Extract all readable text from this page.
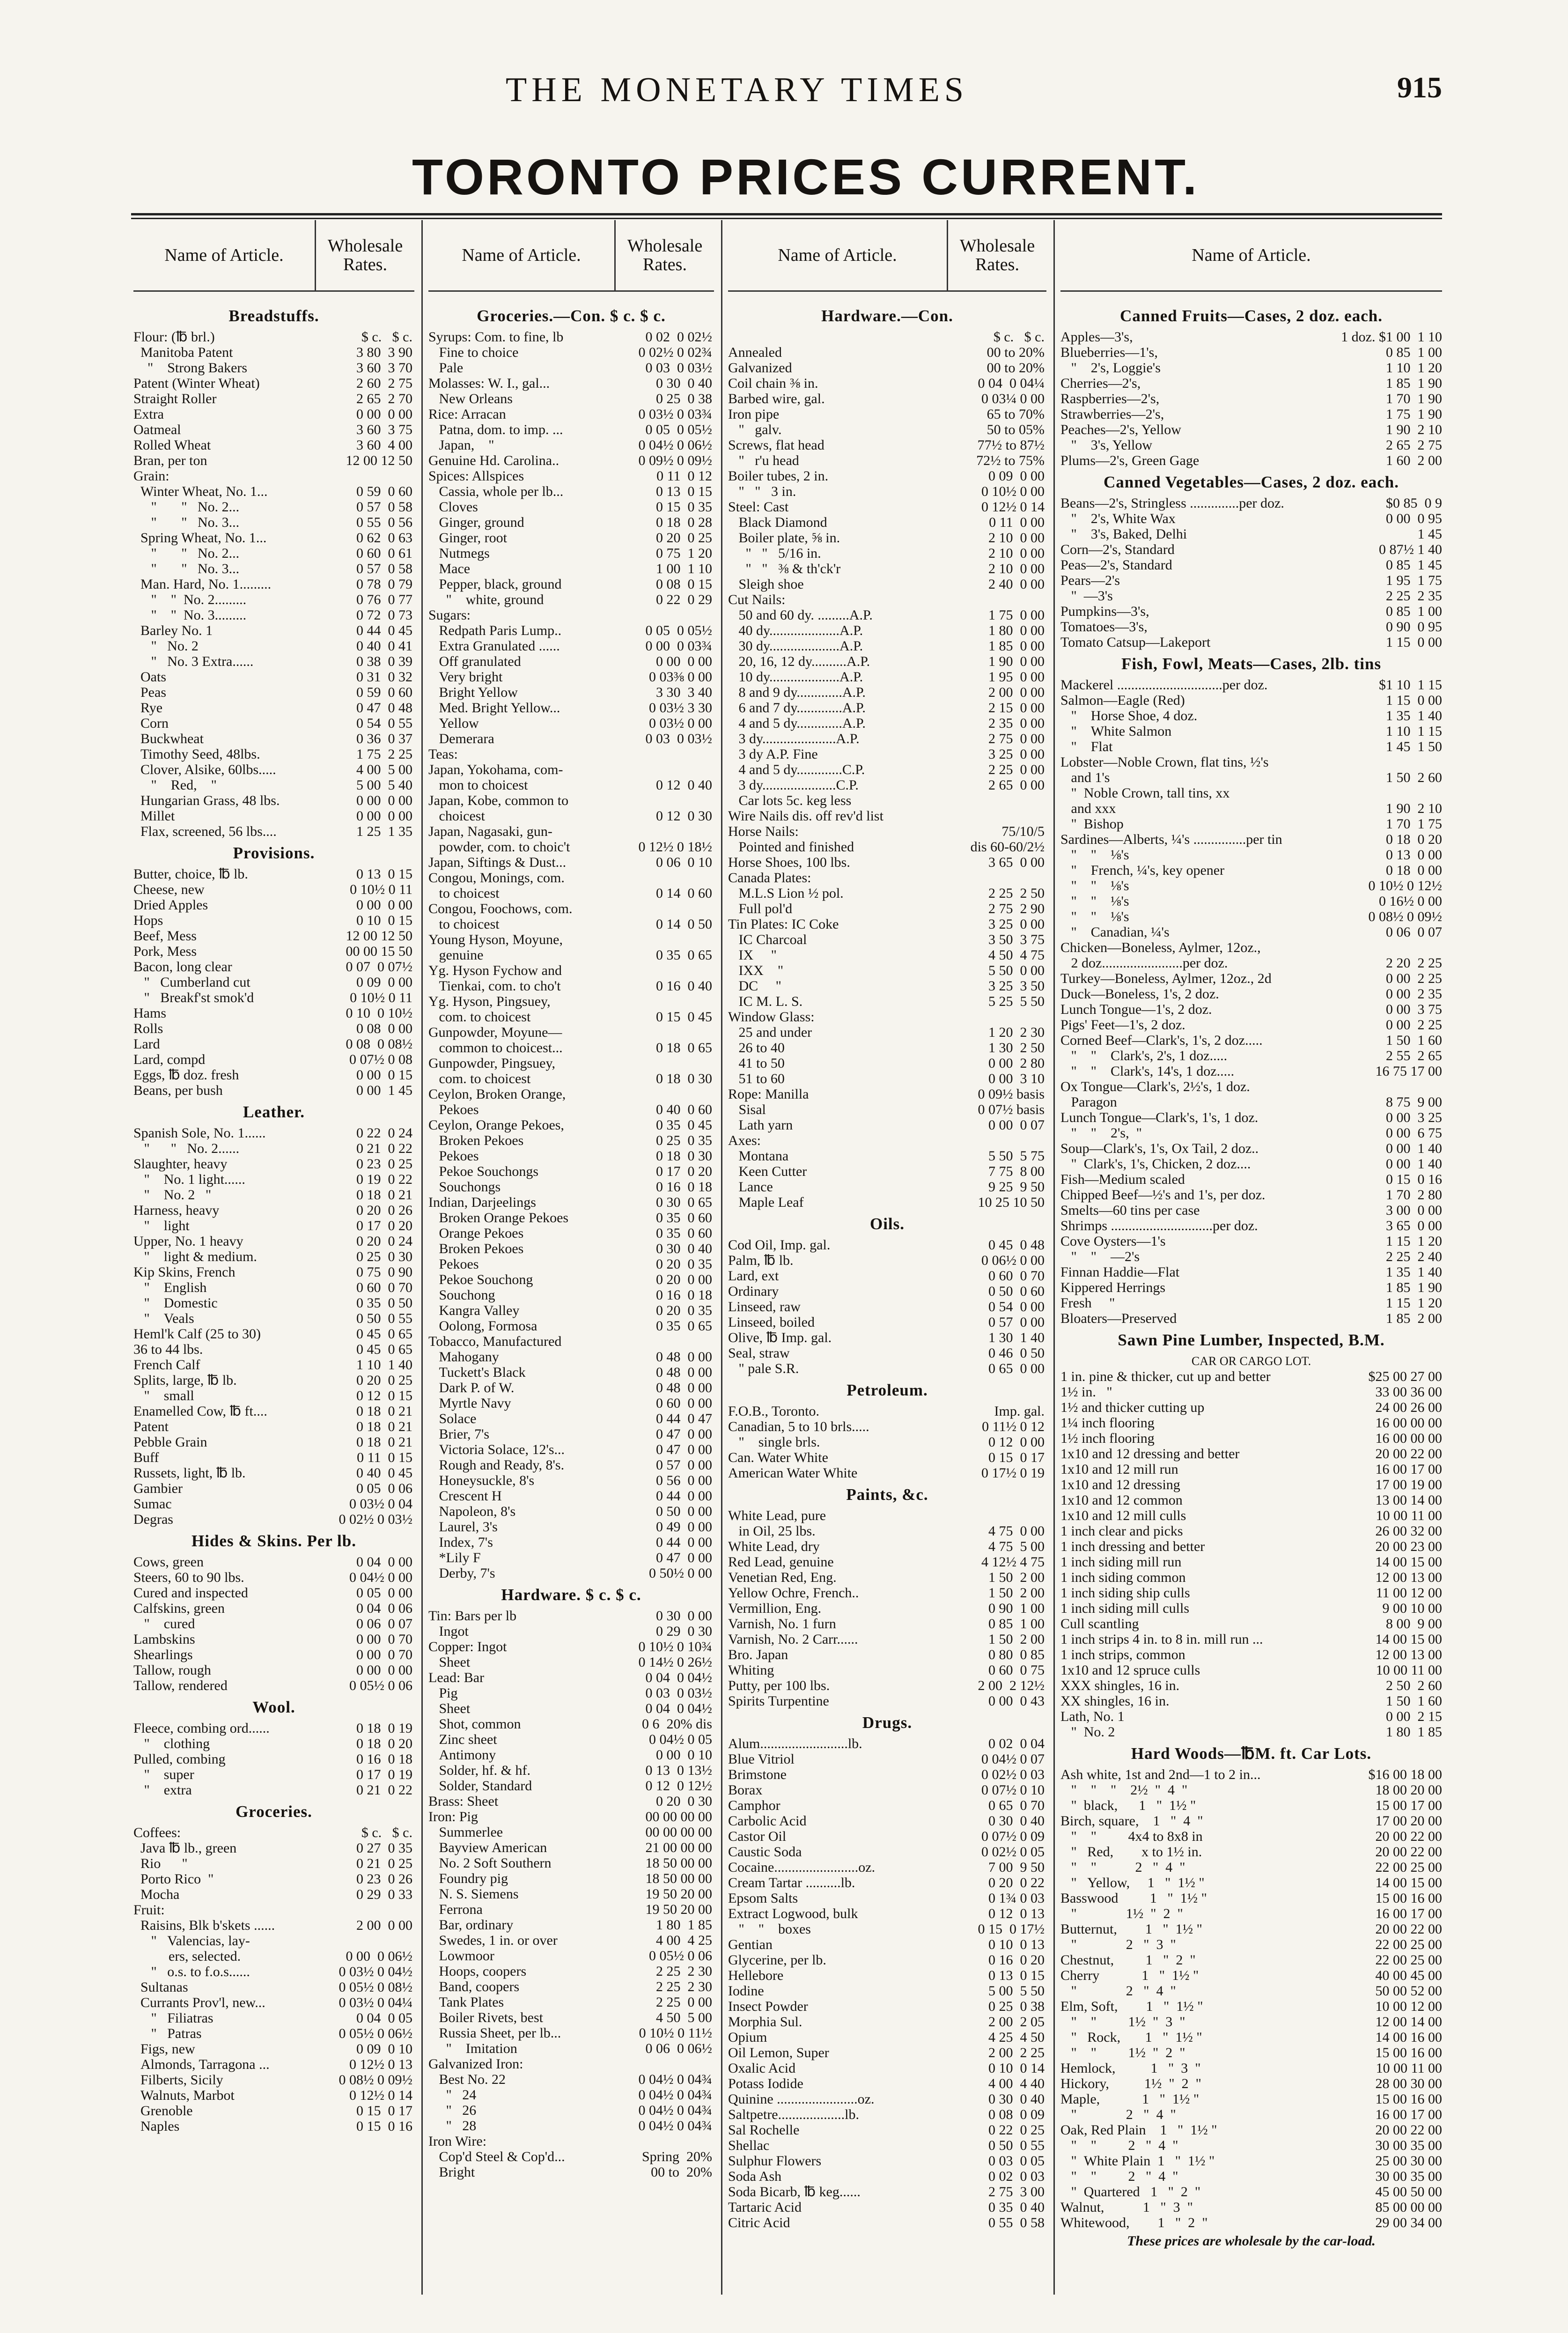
THE MONETARY TIMES	915
TORONTO PRICES CURRENT.
Name of Article.	Wholesale Rates.
Breadstuffs.
Flour: (℔ brl.)	$ c.   $ c.
Manitoba Patent	3 80  3 90
"    Strong Bakers	3 60  3 70
Patent (Winter Wheat)	2 60  2 75
Straight Roller	2 65  2 70
Extra	0 00  0 00
Oatmeal	3 60  3 75
Rolled Wheat	3 60  4 00
Bran, per ton	12 00 12 50
Grain:
Winter Wheat, No. 1...	0 59  0 60
"       "   No. 2...	0 57  0 58
"       "   No. 3...	0 55  0 56
Spring Wheat, No. 1...	0 62  0 63
"       "   No. 2...	0 60  0 61
"       "   No. 3...	0 57  0 58
Man. Hard, No. 1.........	0 78  0 79
"    "  No. 2.........	0 76  0 77
"    "  No. 3.........	0 72  0 73
Barley No. 1	0 44  0 45
"   No. 2	0 40  0 41
"   No. 3 Extra......	0 38  0 39
Oats	0 31  0 32
Peas	0 59  0 60
Rye	0 47  0 48
Corn	0 54  0 55
Buckwheat	0 36  0 37
Timothy Seed, 48lbs.	1 75  2 25
Clover, Alsike, 60lbs.....	4 00  5 00
"    Red,    "	5 00  5 40
Hungarian Grass, 48 lbs.	0 00  0 00
Millet	0 00  0 00
Flax, screened, 56 lbs....	1 25  1 35
Provisions.
Butter, choice, ℔ lb.	0 13  0 15
Cheese, new	0 10½ 0 11
Dried Apples	0 00  0 00
Hops	0 10  0 15
Beef, Mess	12 00 12 50
Pork, Mess	00 00 15 50
Bacon, long clear	0 07  0 07½
"   Cumberland cut	0 09  0 00
"   Breakf'st smok'd	0 10½ 0 11
Hams	0 10  0 10½
Rolls	0 08  0 00
Lard	0 08  0 08½
Lard, compd	0 07½ 0 08
Eggs, ℔ doz. fresh	0 00  0 15
Beans, per bush	0 00  1 45
Leather.
Spanish Sole, No. 1......	0 22  0 24
"      "   No. 2......	0 21  0 22
Slaughter, heavy	0 23  0 25
"    No. 1 light......	0 19  0 22
"    No. 2   "	0 18  0 21
Harness, heavy	0 20  0 26
"    light	0 17  0 20
Upper, No. 1 heavy	0 20  0 24
"    light & medium.	0 25  0 30
Kip Skins, French	0 75  0 90
"    English	0 60  0 70
"    Domestic	0 35  0 50
"    Veals	0 50  0 55
Heml'k Calf (25 to 30)	0 45  0 65
36 to 44 lbs.	0 45  0 65
French Calf	1 10  1 40
Splits, large, ℔ lb.	0 20  0 25
"    small	0 12  0 15
Enamelled Cow, ℔ ft....	0 18  0 21
Patent	0 18  0 21
Pebble Grain	0 18  0 21
Buff	0 11  0 15
Russets, light, ℔ lb.	0 40  0 45
Gambier	0 05  0 06
Sumac	0 03½ 0 04
Degras	0 02½ 0 03½
Hides & Skins. Per lb.
Cows, green	0 04  0 00
Steers, 60 to 90 lbs.	0 04½ 0 00
Cured and inspected	0 05  0 00
Calfskins, green	0 04  0 06
"    cured	0 06  0 07
Lambskins	0 00  0 70
Shearlings	0 00  0 70
Tallow, rough	0 00  0 00
Tallow, rendered	0 05½ 0 06
Wool.
Fleece, combing ord......	0 18  0 19
"    clothing	0 18  0 20
Pulled, combing	0 16  0 18
"    super	0 17  0 19
"    extra	0 21  0 22
Groceries.
Coffees:	$ c.   $ c.
Java ℔ lb., green	0 27  0 35
Rio      "	0 21  0 25
Porto Rico  "	0 23  0 26
Mocha	0 29  0 33
Fruit:
Raisins, Blk b'skets ......	2 00  0 00
"   Valencias, lay-
ers, selected.	0 00  0 06½
"   o.s. to f.o.s......	0 03½ 0 04½
Sultanas	0 05½ 0 08½
Currants Prov'l, new...	0 03½ 0 04¼
"   Filiatras	0 04  0 05
"   Patras	0 05½ 0 06½
Figs, new	0 09  0 10
Almonds, Tarragona ...	0 12½ 0 13
Filberts, Sicily	0 08½ 0 09½
Walnuts, Marbot	0 12½ 0 14
Grenoble	0 15  0 17
Naples	0 15  0 16
Name of Article.	Wholesale Rates.
Groceries.—Con. $ c. $ c.
Syrups: Com. to fine, lb	0 02  0 02½
Fine to choice	0 02½ 0 02¾
Pale	0 03  0 03½
Molasses: W. I., gal...	0 30  0 40
New Orleans	0 25  0 38
Rice: Arracan	0 03½ 0 03¾
Patna, dom. to imp. ...	0 05  0 05½
Japan,    "	0 04½ 0 06½
Genuine Hd. Carolina..	0 09½ 0 09½
Spices: Allspices	0 11  0 12
Cassia, whole per lb...	0 13  0 15
Cloves	0 15  0 35
Ginger, ground	0 18  0 28
Ginger, root	0 20  0 25
Nutmegs	0 75  1 20
Mace	1 00  1 10
Pepper, black, ground	0 08  0 15
"    white, ground	0 22  0 29
Sugars:
Redpath Paris Lump..	0 05  0 05½
Extra Granulated ......	0 00  0 03¾
Off granulated	0 00  0 00
Very bright	0 03⅜ 0 00
Bright Yellow	3 30  3 40
Med. Bright Yellow...	0 03½ 3 30
Yellow	0 03½ 0 00
Demerara	0 03  0 03½
Teas:
Japan, Yokohama, com-
mon to choicest	0 12  0 40
Japan, Kobe, common to
choicest	0 12  0 30
Japan, Nagasaki, gun-
powder, com. to choic't	0 12½ 0 18½
Japan, Siftings & Dust...	0 06  0 10
Congou, Monings, com.
to choicest	0 14  0 60
Congou, Foochows, com.
to choicest	0 14  0 50
Young Hyson, Moyune,
genuine	0 35  0 65
Yg. Hyson Fychow and
Tienkai, com. to cho't	0 16  0 40
Yg. Hyson, Pingsuey,
com. to choicest	0 15  0 45
Gunpowder, Moyune—
common to choicest...	0 18  0 65
Gunpowder, Pingsuey,
com. to choicest	0 18  0 30
Ceylon, Broken Orange,
Pekoes	0 40  0 60
Ceylon, Orange Pekoes,	0 35  0 45
Broken Pekoes	0 25  0 35
Pekoes	0 18  0 30
Pekoe Souchongs	0 17  0 20
Souchongs	0 16  0 18
Indian, Darjeelings	0 30  0 65
Broken Orange Pekoes	0 35  0 60
Orange Pekoes	0 35  0 60
Broken Pekoes	0 30  0 40
Pekoes	0 20  0 35
Pekoe Souchong	0 20  0 00
Souchong	0 16  0 18
Kangra Valley	0 20  0 35
Oolong, Formosa	0 35  0 65
Tobacco, Manufactured
Mahogany	0 48  0 00
Tuckett's Black	0 48  0 00
Dark P. of W.	0 48  0 00
Myrtle Navy	0 60  0 00
Solace	0 44  0 47
Brier, 7's	0 47  0 00
Victoria Solace, 12's...	0 47  0 00
Rough and Ready, 8's.	0 57  0 00
Honeysuckle, 8's	0 56  0 00
Crescent H	0 44  0 00
Napoleon, 8's	0 50  0 00
Laurel, 3's	0 49  0 00
Index, 7's	0 44  0 00
*Lily F	0 47  0 00
Derby, 7's	0 50½ 0 00
Hardware. $ c. $ c.
Tin: Bars per lb	0 30  0 00
Ingot	0 29  0 30
Copper: Ingot	0 10½ 0 10¾
Sheet	0 14½ 0 26½
Lead: Bar	0 04  0 04½
Pig	0 03  0 03½
Sheet	0 04  0 04½
Shot, common	0 6  20% dis
Zinc sheet	0 04½ 0 05
Antimony	0 00  0 10
Solder, hf. & hf.	0 13  0 13½
Solder, Standard	0 12  0 12½
Brass: Sheet	0 20  0 30
Iron: Pig	00 00 00 00
Summerlee	00 00 00 00
Bayview American	21 00 00 00
No. 2 Soft Southern	18 50 00 00
Foundry pig	18 50 00 00
N. S. Siemens	19 50 20 00
Ferrona	19 50 20 00
Bar, ordinary	1 80  1 85
Swedes, 1 in. or over	4 00  4 25
Lowmoor	0 05½ 0 06
Hoops, coopers	2 25  2 30
Band, coopers	2 25  2 30
Tank Plates	2 25  0 00
Boiler Rivets, best	4 50  5 00
Russia Sheet, per lb...	0 10½ 0 11½
"    Imitation	0 06  0 06½
Galvanized Iron:
Best No. 22	0 04½ 0 04¾
"   24	0 04½ 0 04¾
"   26	0 04½ 0 04¾
"   28	0 04½ 0 04¾
Iron Wire:
Cop'd Steel & Cop'd...	Spring  20%
Bright	00 to  20%
Name of Article.	Wholesale Rates.
Hardware.—Con.
$ c.   $ c.
Annealed	00 to 20%
Galvanized	00 to 20%
Coil chain ⅜ in.	0 04  0 04¼
Barbed wire, gal.	0 03¼ 0 00
Iron pipe	65 to 70%
"   galv.	50 to 05%
Screws, flat head	77½ to 87½
"   r'u head	72½ to 75%
Boiler tubes, 2 in.	0 09  0 00
"   "   3 in.	0 10½ 0 00
Steel: Cast	0 12½ 0 14
Black Diamond	0 11  0 00
Boiler plate, ⅝ in.	2 10  0 00
"   "   5/16 in.	2 10  0 00
"   "   ⅜ & th'ck'r	2 10  0 00
Sleigh shoe	2 40  0 00
Cut Nails:
50 and 60 dy. .........A.P.	1 75  0 00
40 dy....................A.P.	1 80  0 00
30 dy....................A.P.	1 85  0 00
20, 16, 12 dy..........A.P.	1 90  0 00
10 dy....................A.P.	1 95  0 00
8 and 9 dy.............A.P.	2 00  0 00
6 and 7 dy.............A.P.	2 15  0 00
4 and 5 dy.............A.P.	2 35  0 00
3 dy.....................A.P.	2 75  0 00
3 dy A.P. Fine	3 25  0 00
4 and 5 dy.............C.P.	2 25  0 00
3 dy.....................C.P.	2 65  0 00
Car lots 5c. keg less
Wire Nails dis. off rev'd list
Horse Nails:	75/10/5
Pointed and finished	dis 60-60/2½
Horse Shoes, 100 lbs.	3 65  0 00
Canada Plates:
M.L.S Lion ½ pol.	2 25  2 50
Full pol'd	2 75  2 90
Tin Plates: IC Coke	3 25  0 00
IC Charcoal	3 50  3 75
IX     "	4 50  4 75
IXX    "	5 50  0 00
DC     "	3 25  3 50
IC M. L. S.	5 25  5 50
Window Glass:
25 and under	1 20  2 30
26 to 40	1 30  2 50
41 to 50	0 00  2 80
51 to 60	0 00  3 10
Rope: Manilla	0 09½ basis
Sisal	0 07½ basis
Lath yarn	0 00  0 07
Axes:
Montana	5 50  5 75
Keen Cutter	7 75  8 00
Lance	9 25  9 50
Maple Leaf	10 25 10 50
Oils.
Cod Oil, Imp. gal.	0 45  0 48
Palm, ℔ lb.	0 06½ 0 00
Lard, ext	0 60  0 70
Ordinary	0 50  0 60
Linseed, raw	0 54  0 00
Linseed, boiled	0 57  0 00
Olive, ℔ Imp. gal.	1 30  1 40
Seal, straw	0 46  0 50
" pale S.R.	0 65  0 00
Petroleum.
F.O.B., Toronto.	Imp. gal.
Canadian, 5 to 10 brls.....	0 11½ 0 12
"    single brls.	0 12  0 00
Can. Water White	0 15  0 17
American Water White	0 17½ 0 19
Paints, &c.
White Lead, pure
in Oil, 25 lbs.	4 75  0 00
White Lead, dry	4 75  5 00
Red Lead, genuine	4 12½ 4 75
Venetian Red, Eng.	1 50  2 00
Yellow Ochre, French..	1 50  2 00
Vermillion, Eng.	0 90  1 00
Varnish, No. 1 furn	0 85  1 00
Varnish, No. 2 Carr......	1 50  2 00
Bro. Japan	0 80  0 85
Whiting	0 60  0 75
Putty, per 100 lbs.	2 00  2 12½
Spirits Turpentine	0 00  0 43
Drugs.
Alum.........................lb.	0 02  0 04
Blue Vitriol	0 04½ 0 07
Brimstone	0 02½ 0 03
Borax	0 07½ 0 10
Camphor	0 65  0 70
Carbolic Acid	0 30  0 40
Castor Oil	0 07½ 0 09
Caustic Soda	0 02½ 0 05
Cocaine........................oz.	7 00  9 50
Cream Tartar ..........lb.	0 20  0 22
Epsom Salts	0 1¾ 0 03
Extract Logwood, bulk	0 12  0 13
"    "    boxes	0 15  0 17½
Gentian	0 10  0 13
Glycerine, per lb.	0 16  0 20
Hellebore	0 13  0 15
Iodine	5 00  5 50
Insect Powder	0 25  0 38
Morphia Sul.	2 00  2 05
Opium	4 25  4 50
Oil Lemon, Super	2 00  2 25
Oxalic Acid	0 10  0 14
Potass Iodide	4 00  4 40
Quinine .......................oz.	0 30  0 40
Saltpetre...................lb.	0 08  0 09
Sal Rochelle	0 22  0 25
Shellac	0 50  0 55
Sulphur Flowers	0 03  0 05
Soda Ash	0 02  0 03
Soda Bicarb, ℔ keg......	2 75  3 00
Tartaric Acid	0 35  0 40
Citric Acid	0 55  0 58
Name of Article.
Canned Fruits—Cases, 2 doz. each.
Apples—3's,	1 doz. $1 00  1 10
Blueberries—1's,	0 85  1 00
"    2's, Loggie's	1 10  1 20
Cherries—2's,	1 85  1 90
Raspberries—2's,	1 70  1 90
Strawberries—2's,	1 75  1 90
Peaches—2's, Yellow	1 90  2 10
"    3's, Yellow	2 65  2 75
Plums—2's, Green Gage	1 60  2 00
Canned Vegetables—Cases, 2 doz. each.
Beans—2's, Stringless ..............per doz.	$0 85  0 9
"    2's, White Wax	0 00  0 95
"    3's, Baked, Delhi	1 45
Corn—2's, Standard	0 87½ 1 40
Peas—2's, Standard	0 85  1 45
Pears—2's	1 95  1 75
"  —3's	2 25  2 35
Pumpkins—3's,	0 85  1 00
Tomatoes—3's,	0 90  0 95
Tomato Catsup—Lakeport	1 15  0 00
Fish, Fowl, Meats—Cases, 2lb. tins
Mackerel ..............................per doz.	$1 10  1 15
Salmon—Eagle (Red)	1 15  0 00
"    Horse Shoe, 4 doz.	1 35  1 40
"    White Salmon	1 10  1 15
"    Flat	1 45  1 50
Lobster—Noble Crown, flat tins, ½'s
and 1's	1 50  2 60
"  Noble Crown, tall tins, xx
and xxx	1 90  2 10
"  Bishop	1 70  1 75
Sardines—Alberts, ¼'s ...............per tin	0 18  0 20
"    "    ⅛'s	0 13  0 00
"    French, ¼'s, key opener	0 18  0 00
"    "    ⅛'s	0 10½ 0 12½
"    "    ⅛'s	0 16½ 0 00
"    "    ⅛'s	0 08½ 0 09½
"    Canadian, ¼'s	0 06  0 07
Chicken—Boneless, Aylmer, 12oz.,
2 doz.......................per doz.	2 20  2 25
Turkey—Boneless, Aylmer, 12oz., 2d	0 00  2 25
Duck—Boneless, 1's, 2 doz.	0 00  2 35
Lunch Tongue—1's, 2 doz.	0 00  3 75
Pigs' Feet—1's, 2 doz.	0 00  2 25
Corned Beef—Clark's, 1's, 2 doz.....	1 50  1 60
"    "    Clark's, 2's, 1 doz.....	2 55  2 65
"    "    Clark's, 14's, 1 doz.....	16 75 17 00
Ox Tongue—Clark's, 2½'s, 1 doz.
Paragon	8 75  9 00
Lunch Tongue—Clark's, 1's, 1 doz.	0 00  3 25
"    "    2's,  "	0 00  6 75
Soup—Clark's, 1's, Ox Tail, 2 doz..	0 00  1 40
"  Clark's, 1's, Chicken, 2 doz....	0 00  1 40
Fish—Medium scaled	0 15  0 16
Chipped Beef—½'s and 1's, per doz.	1 70  2 80
Smelts—60 tins per case	3 00  0 00
Shrimps .............................per doz.	3 65  0 00
Cove Oysters—1's	1 15  1 20
"    "    —2's	2 25  2 40
Finnan Haddie—Flat	1 35  1 40
Kippered Herrings	1 85  1 90
Fresh     "	1 15  1 20
Bloaters—Preserved	1 85  2 00
Sawn Pine Lumber, Inspected, B.M.
CAR OR CARGO LOT.
1 in. pine & thicker, cut up and better	$25 00 27 00
1½ in.   "	33 00 36 00
1½ and thicker cutting up	24 00 26 00
1¼ inch flooring	16 00 00 00
1½ inch flooring	16 00 00 00
1x10 and 12 dressing and better	20 00 22 00
1x10 and 12 mill run	16 00 17 00
1x10 and 12 dressing	17 00 19 00
1x10 and 12 common	13 00 14 00
1x10 and 12 mill culls	10 00 11 00
1 inch clear and picks	26 00 32 00
1 inch dressing and better	20 00 23 00
1 inch siding mill run	14 00 15 00
1 inch siding common	12 00 13 00
1 inch siding ship culls	11 00 12 00
1 inch siding mill culls	9 00 10 00
Cull scantling	8 00  9 00
1 inch strips 4 in. to 8 in. mill run ...	14 00 15 00
1 inch strips, common	12 00 13 00
1x10 and 12 spruce culls	10 00 11 00
XXX shingles, 16 in.	2 50  2 60
XX shingles, 16 in.	1 50  1 60
Lath, No. 1	0 00  2 15
"  No. 2	1 80  1 85
Hard Woods—℔M. ft. Car Lots.
Ash white, 1st and 2nd—1 to 2 in...	$16 00 18 00
"    "    "    2½  "  4  "	18 00 20 00
"  black,      1   "  1½ "	15 00 17 00
Birch, square,    1   "  4  "	17 00 20 00
"    "         4x4 to 8x8 in	20 00 22 00
"   Red,        x to 1½ in.	20 00 22 00
"    "           2   "  4  "	22 00 25 00
"   Yellow,     1   "  1½ "	14 00 15 00
Basswood         1   "  1½ "	15 00 16 00
"              1½  "  2  "	16 00 17 00
Butternut,        1   "  1½ "	20 00 22 00
"              2   "  3  "	22 00 25 00
Chestnut,         1   "  2  "	22 00 25 00
Cherry            1   "  1½ "	40 00 45 00
"              2   "  4  "	50 00 52 00
Elm, Soft,        1   "  1½ "	10 00 12 00
"    "         1½  "  3  "	12 00 14 00
"   Rock,       1   "  1½ "	14 00 16 00
"    "         1½  "  2  "	15 00 16 00
Hemlock,          1   "  3  "	10 00 11 00
Hickory,          1½  "  2  "	28 00 30 00
Maple,            1   "  1½ "	15 00 16 00
"              2   "  4  "	16 00 17 00
Oak, Red Plain    1   "  1½ "	20 00 22 00
"    "         2   "  4  "	30 00 35 00
"  White Plain  1   "  1½ "	25 00 30 00
"    "         2   "  4  "	30 00 35 00
"  Quartered   1   "  2  "	45 00 50 00
Walnut,           1   "  3  "	85 00 00 00
Whitewood,        1   "  2  "	29 00 34 00
These prices are wholesale by the car-load.
